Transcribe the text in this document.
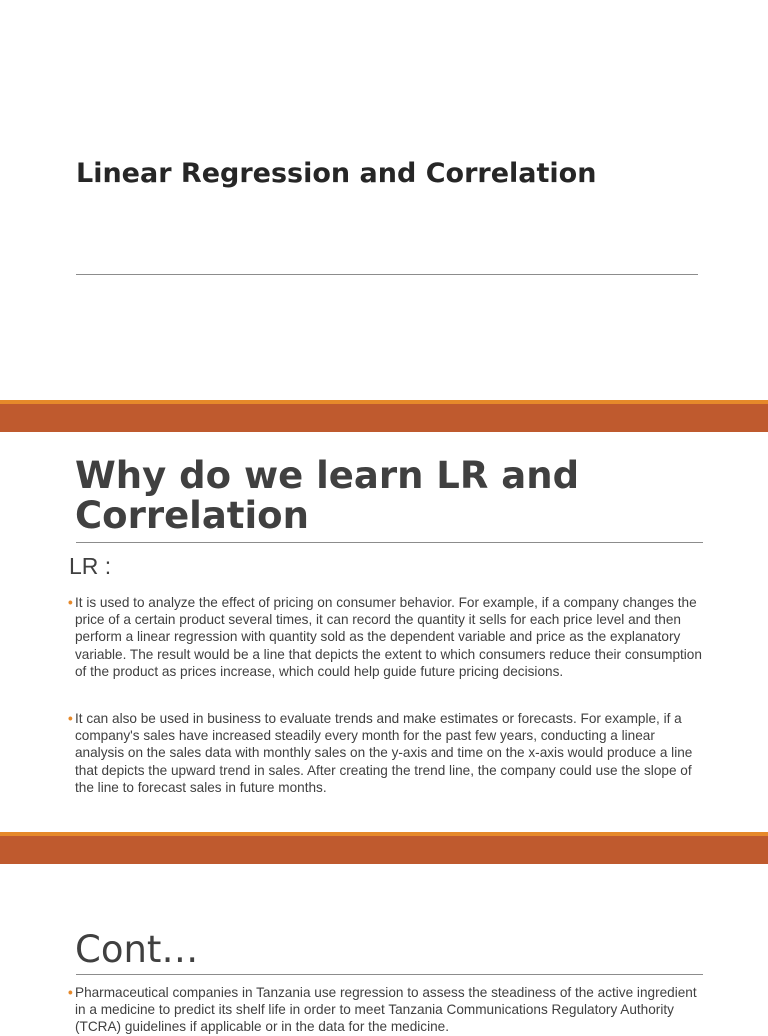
Linear Regression and Correlation
Why do we learn LR and Correlation
LR :
• It is used to analyze the effect of pricing on consumer behavior. For example, if a company changes the price of a certain product several times, it can record the quantity it sells for each price level and then perform a linear regression with quantity sold as the dependent variable and price as the explanatory variable. The result would be a line that depicts the extent to which consumers reduce their consumption of the product as prices increase, which could help guide future pricing decisions.
• It can also be used in business to evaluate trends and make estimates or forecasts. For example, if a company's sales have increased steadily every month for the past few years, conducting a linear analysis on the sales data with monthly sales on the y-axis and time on the x-axis would produce a line that depicts the upward trend in sales. After creating the trend line, the company could use the slope of the line to forecast sales in future months.
Cont…
• Pharmaceutical companies in Tanzania use regression to assess the steadiness of the active ingredient in a medicine to predict its shelf life in order to meet Tanzania Communications Regulatory Authority (TCRA) guidelines if applicable or in the data for the medicine.
